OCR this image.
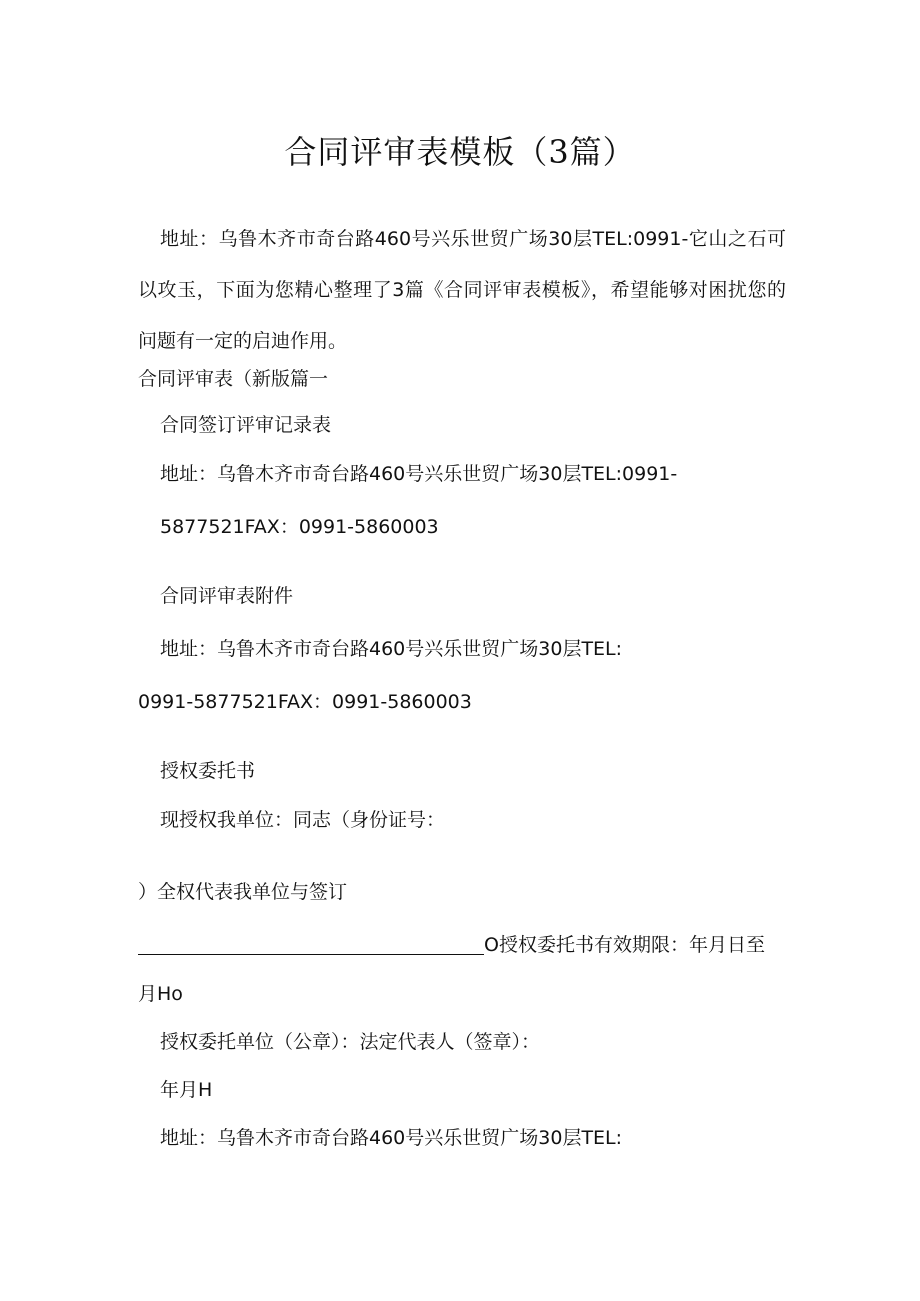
合同评审表模板（3篇）
地址：乌鲁木齐市奇台路460号兴乐世贸广场30层TEL:0991-它山之石可以攻玉，下面为您精心整理了3篇《合同评审表模板》，希望能够对困扰您的问题有一定的启迪作用。
合同评审表（新版篇一
合同签订评审记录表
地址：乌鲁木齐市奇台路460号兴乐世贸广场30层TEL:0991-
5877521FAX：0991-5860003
合同评审表附件
地址：乌鲁木齐市奇台路460号兴乐世贸广场30层TEL:
0991-5877521FAX：0991-5860003
授权委托书
现授权我单位：同志（身份证号：
）全权代表我单位与签订
O授权委托书有效期限：年月日至
月Ho
授权委托单位（公章）：法定代表人（签章）：
年月H
地址：乌鲁木齐市奇台路460号兴乐世贸广场30层TEL:
